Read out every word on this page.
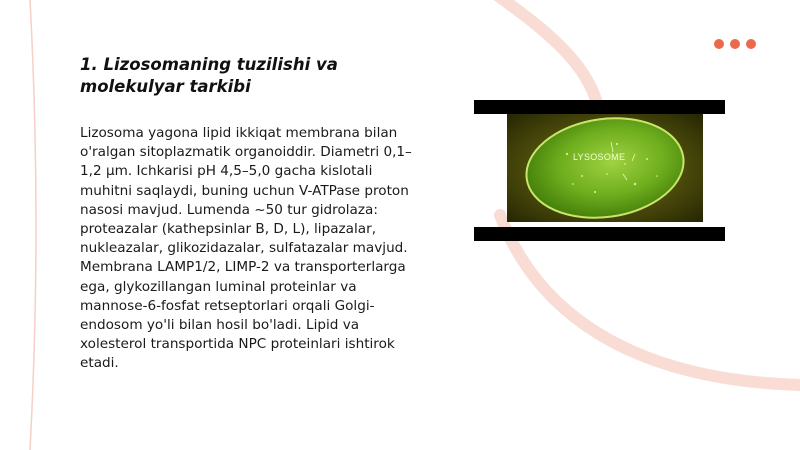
1. Lizosomaning tuzilishi va molekulyar tarkibi

Lizosoma yagona lipid ikkiqat membrana bilan o'ralgan sitoplazmatik organoiddir. Diametri 0,1–1,2 µm. Ichkarisi pH 4,5–5,0 gacha kislotali muhitni saqlaydi, buning uchun V-ATPase proton nasosi mavjud. Lumenda ~50 tur gidrolaza: proteazalar (kathepsinlar B, D, L), lipazalar, nukleazalar, glikozidazalar, sulfatazalar mavjud. Membrana LAMP1/2, LIMP-2 va transporterlarga ega, glykozillangan luminal proteinlar va mannose-6-fosfat retseptorlari orqali Golgi-endosom yo'li bilan hosil bo'ladi. Lipid va xolesterol transportida NPC proteinlari ishtirok etadi.

LYSOSOME
